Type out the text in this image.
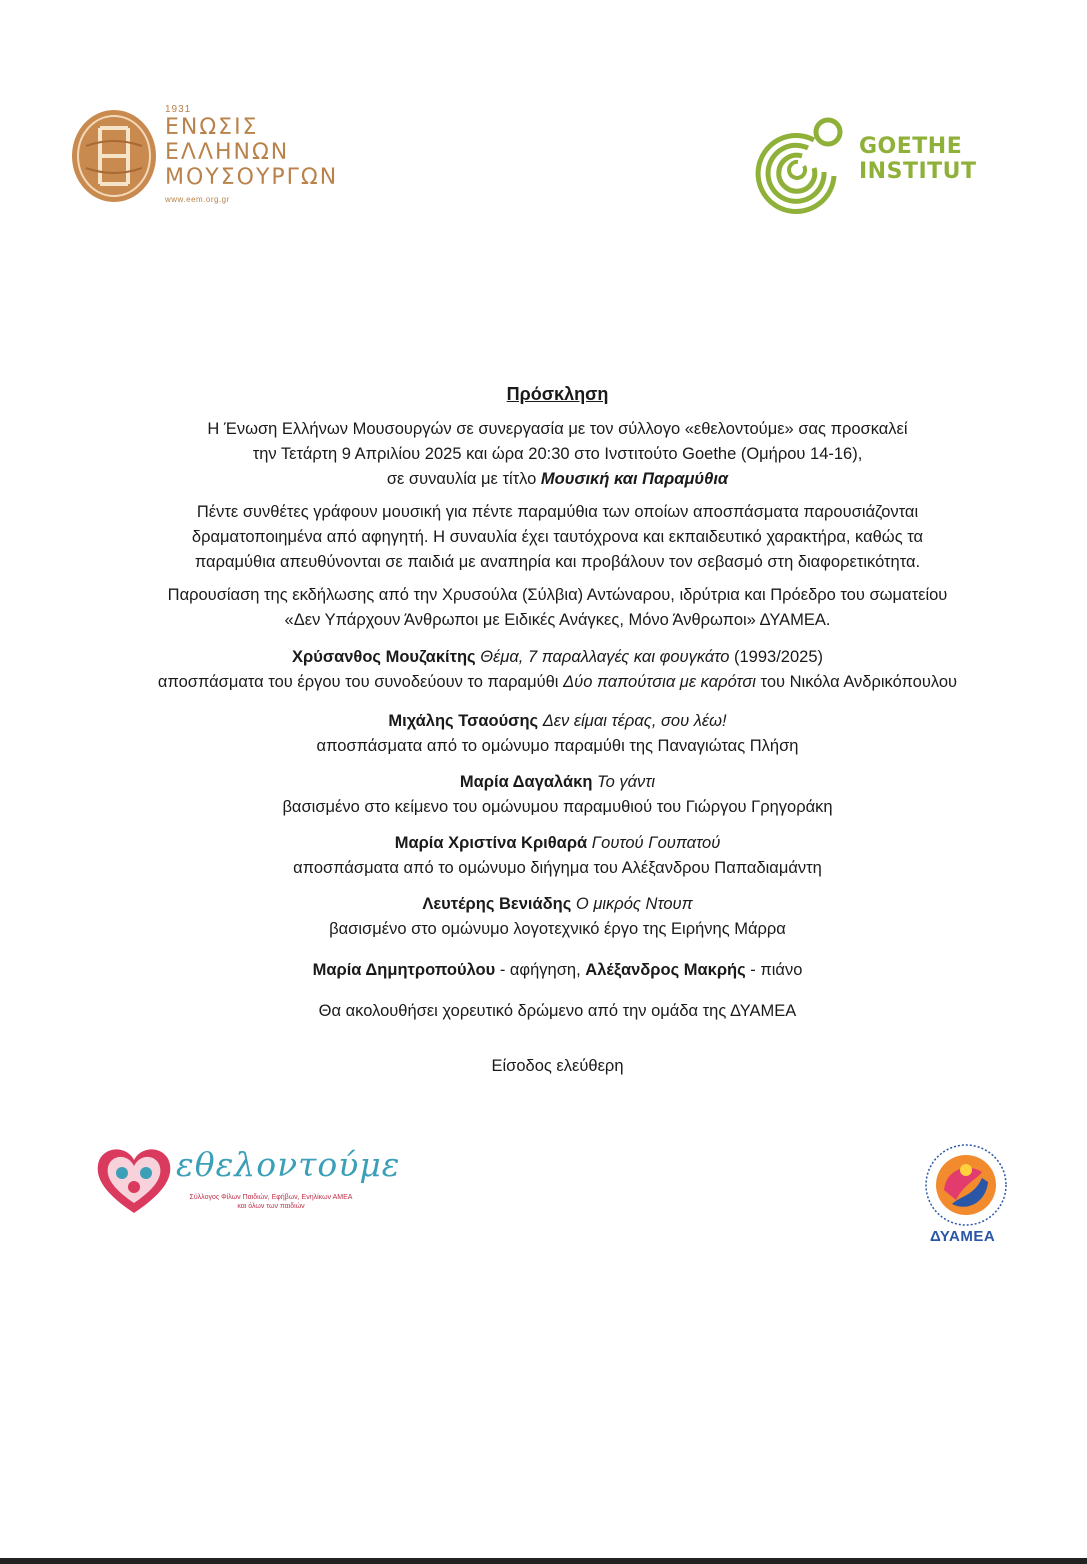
1931
ΕΝΩΣΙΣ
ΕΛΛΗΝΩΝ
ΜΟΥΣΟΥΡΓΩΝ
www.eem.org.gr
GOETHE
INSTITUT
Πρόσκληση
Η Ένωση Ελλήνων Μουσουργών σε συνεργασία με τον σύλλογο «εθελοντούμε» σας προσκαλεί
την Τετάρτη 9 Απριλίου 2025 και ώρα 20:30 στο Ινστιτούτο Goethe (Ομήρου 14-16),
σε συναυλία με τίτλο Μουσική και Παραμύθια
Πέντε συνθέτες γράφουν μουσική για πέντε παραμύθια των οποίων αποσπάσματα παρουσιάζονται
δραματοποιημένα από αφηγητή. Η συναυλία έχει ταυτόχρονα και εκπαιδευτικό χαρακτήρα, καθώς τα
παραμύθια απευθύνονται σε παιδιά με αναπηρία και προβάλουν τον σεβασμό στη διαφορετικότητα.
Παρουσίαση της εκδήλωσης από την Χρυσούλα (Σύλβια) Αντώναρου, ιδρύτρια και Πρόεδρο του σωματείου
«Δεν Υπάρχουν Άνθρωποι με Ειδικές Ανάγκες, Μόνο Άνθρωποι» ΔΥΑΜΕΑ.
Χρύσανθος Μουζακίτης Θέμα, 7 παραλλαγές και φουγκάτο (1993/2025)
αποσπάσματα του έργου του συνοδεύουν το παραμύθι Δύο παπούτσια με καρότσι του Νικόλα Ανδρικόπουλου
Μιχάλης Τσαούσης Δεν είμαι τέρας, σου λέω!
αποσπάσματα από το ομώνυμο παραμύθι της Παναγιώτας Πλήση
Μαρία Δαγαλάκη Το γάντι
βασισμένο στο κείμενο του ομώνυμου παραμυθιού του Γιώργου Γρηγοράκη
Μαρία Χριστίνα Κριθαρά Γουτού Γουπατού
αποσπάσματα από το ομώνυμο διήγημα του Αλέξανδρου Παπαδιαμάντη
Λευτέρης Βενιάδης Ο μικρός Ντουπ
βασισμένο στο ομώνυμο λογοτεχνικό έργο της Ειρήνης Μάρρα
Μαρία Δημητροπούλου - αφήγηση, Αλέξανδρος Μακρής - πιάνο
Θα ακολουθήσει χορευτικό δρώμενο από την ομάδα της ΔΥΑΜΕΑ
Είσοδος ελεύθερη
εθελοντούμε
Σύλλογος Φίλων Παιδιών, Εφήβων, Ενηλίκων ΑΜΕΑ
και όλων των παιδιών
ΔΥΑΜΕΑ
